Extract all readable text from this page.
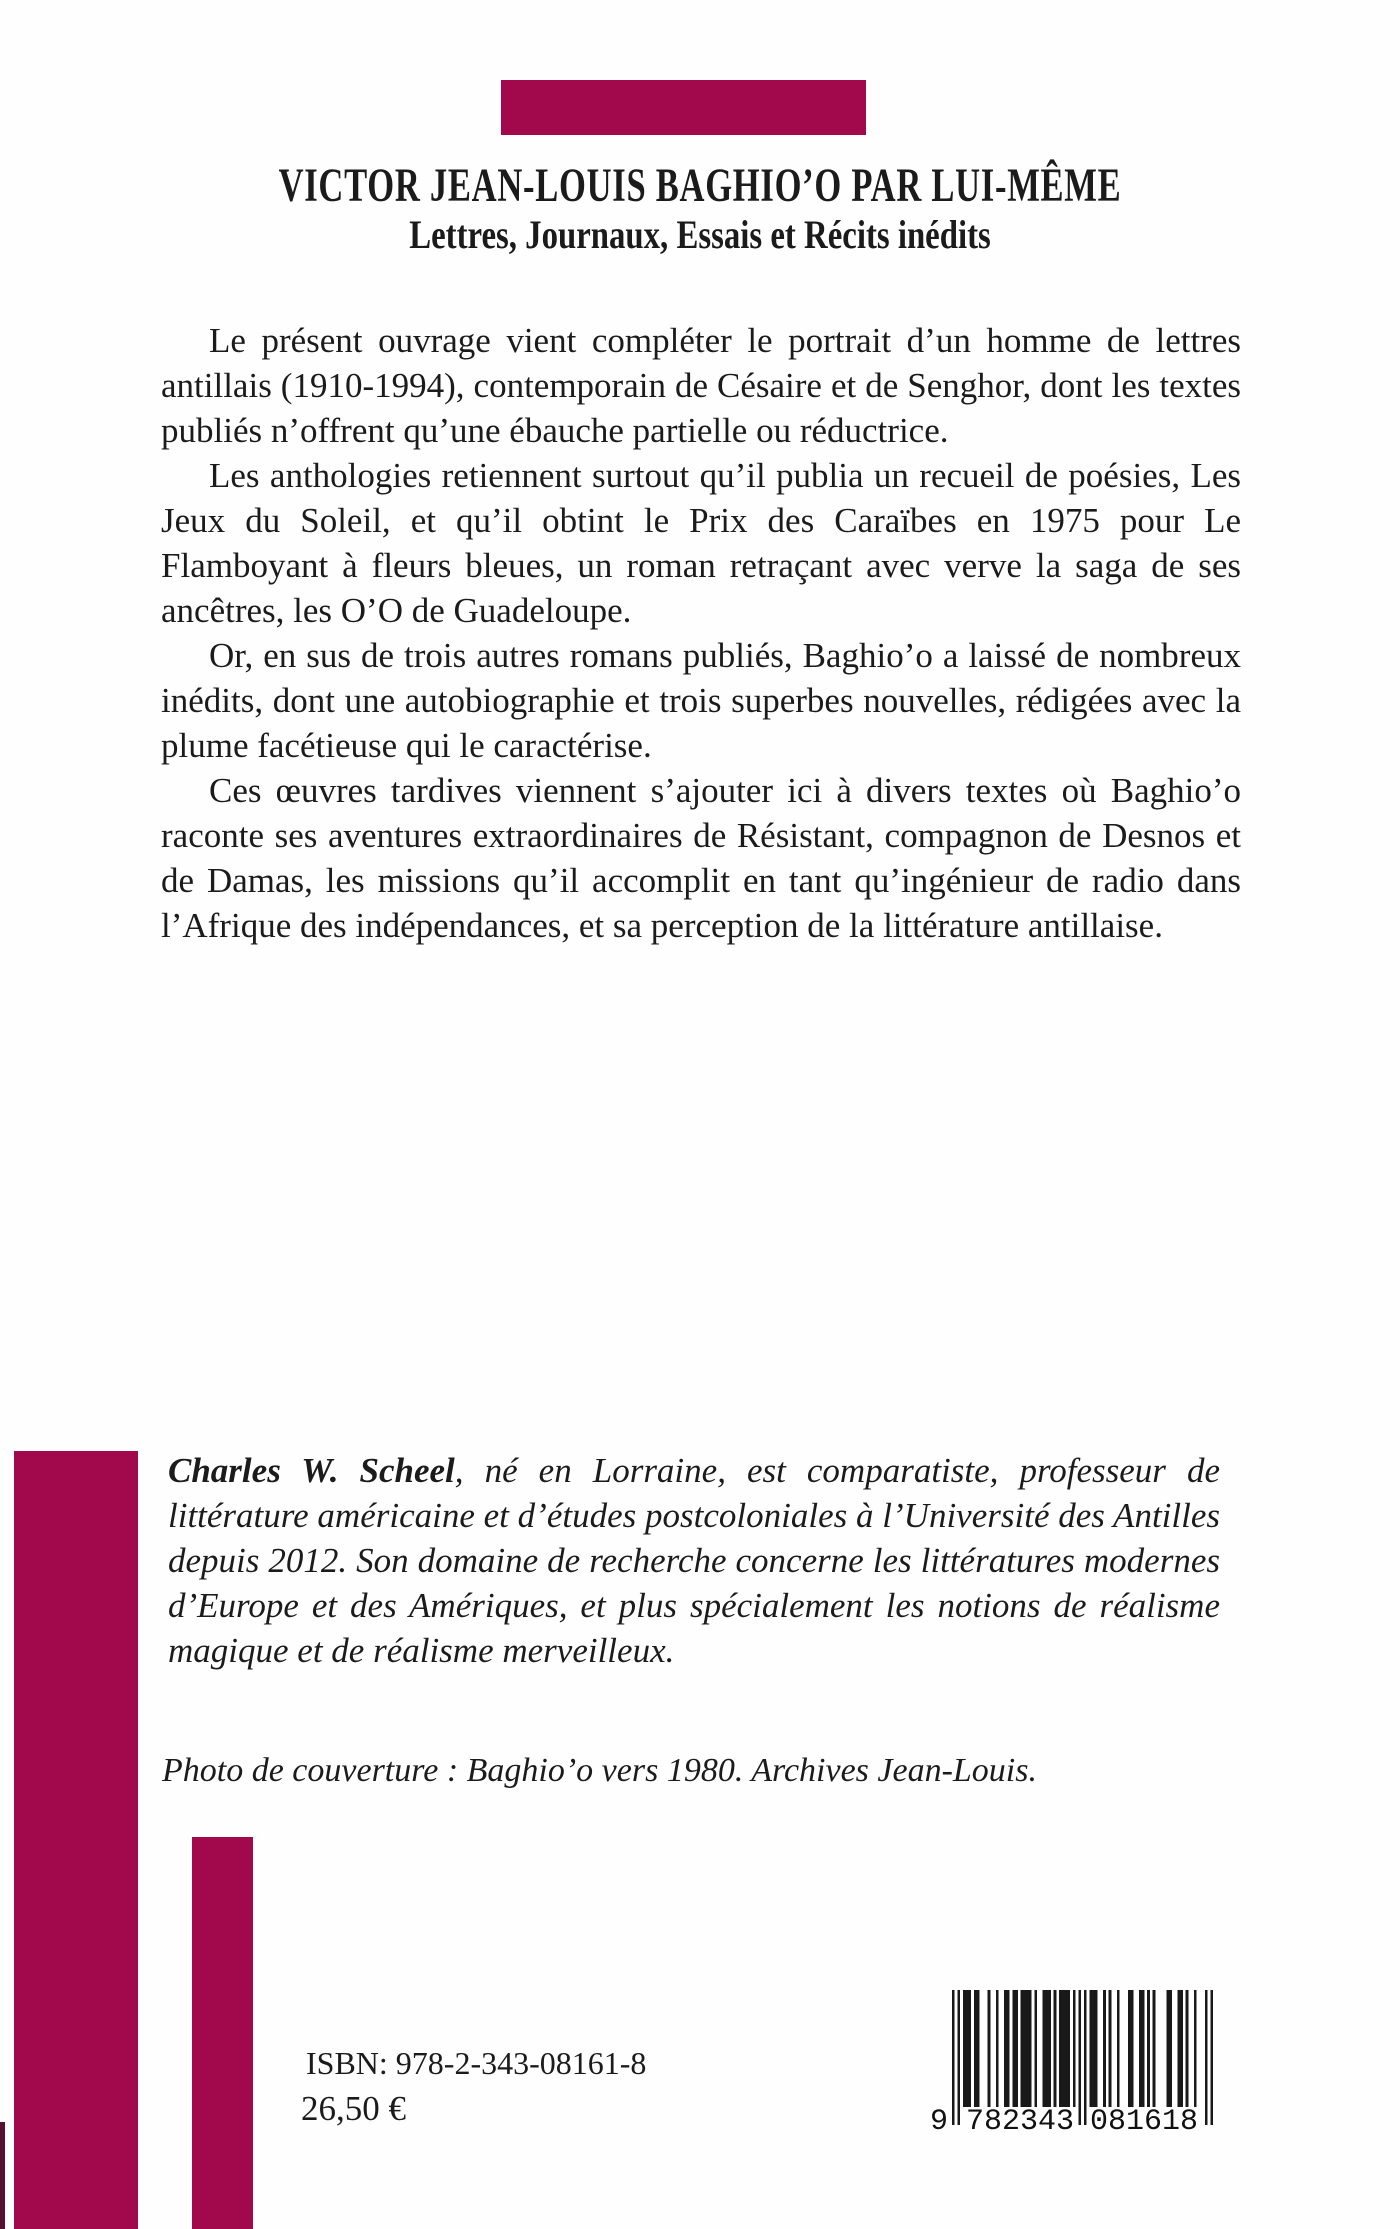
VICTOR JEAN-LOUIS BAGHIO’O PAR LUI-MÊME
Lettres, Journaux, Essais et Récits inédits

Le présent ouvrage vient compléter le portrait d’un homme de lettres antillais (1910-1994), contemporain de Césaire et de Senghor, dont les textes publiés n’offrent qu’une ébauche partielle ou réductrice.

Les anthologies retiennent surtout qu’il publia un recueil de poésies, Les Jeux du Soleil, et qu’il obtint le Prix des Caraïbes en 1975 pour Le Flamboyant à fleurs bleues, un roman retraçant avec verve la saga de ses ancêtres, les O’O de Guadeloupe.

Or, en sus de trois autres romans publiés, Baghio’o a laissé de nombreux inédits, dont une autobiographie et trois superbes nouvelles, rédigées avec la plume facétieuse qui le caractérise.

Ces œuvres tardives viennent s’ajouter ici à divers textes où Baghio’o raconte ses aventures extraordinaires de Résistant, compagnon de Desnos et de Damas, les missions qu’il accomplit en tant qu’ingénieur de radio dans l’Afrique des indépendances, et sa perception de la littérature antillaise.

Charles W. Scheel, né en Lorraine, est comparatiste, professeur de littérature américaine et d’études postcoloniales à l’Université des Antilles depuis 2012. Son domaine de recherche concerne les littératures modernes d’Europe et des Amériques, et plus spécialement les notions de réalisme magique et de réalisme merveilleux.

Photo de couverture : Baghio’o vers 1980. Archives Jean-Louis.

ISBN: 978-2-343-08161-8

26,50 €	9 782343 081618
